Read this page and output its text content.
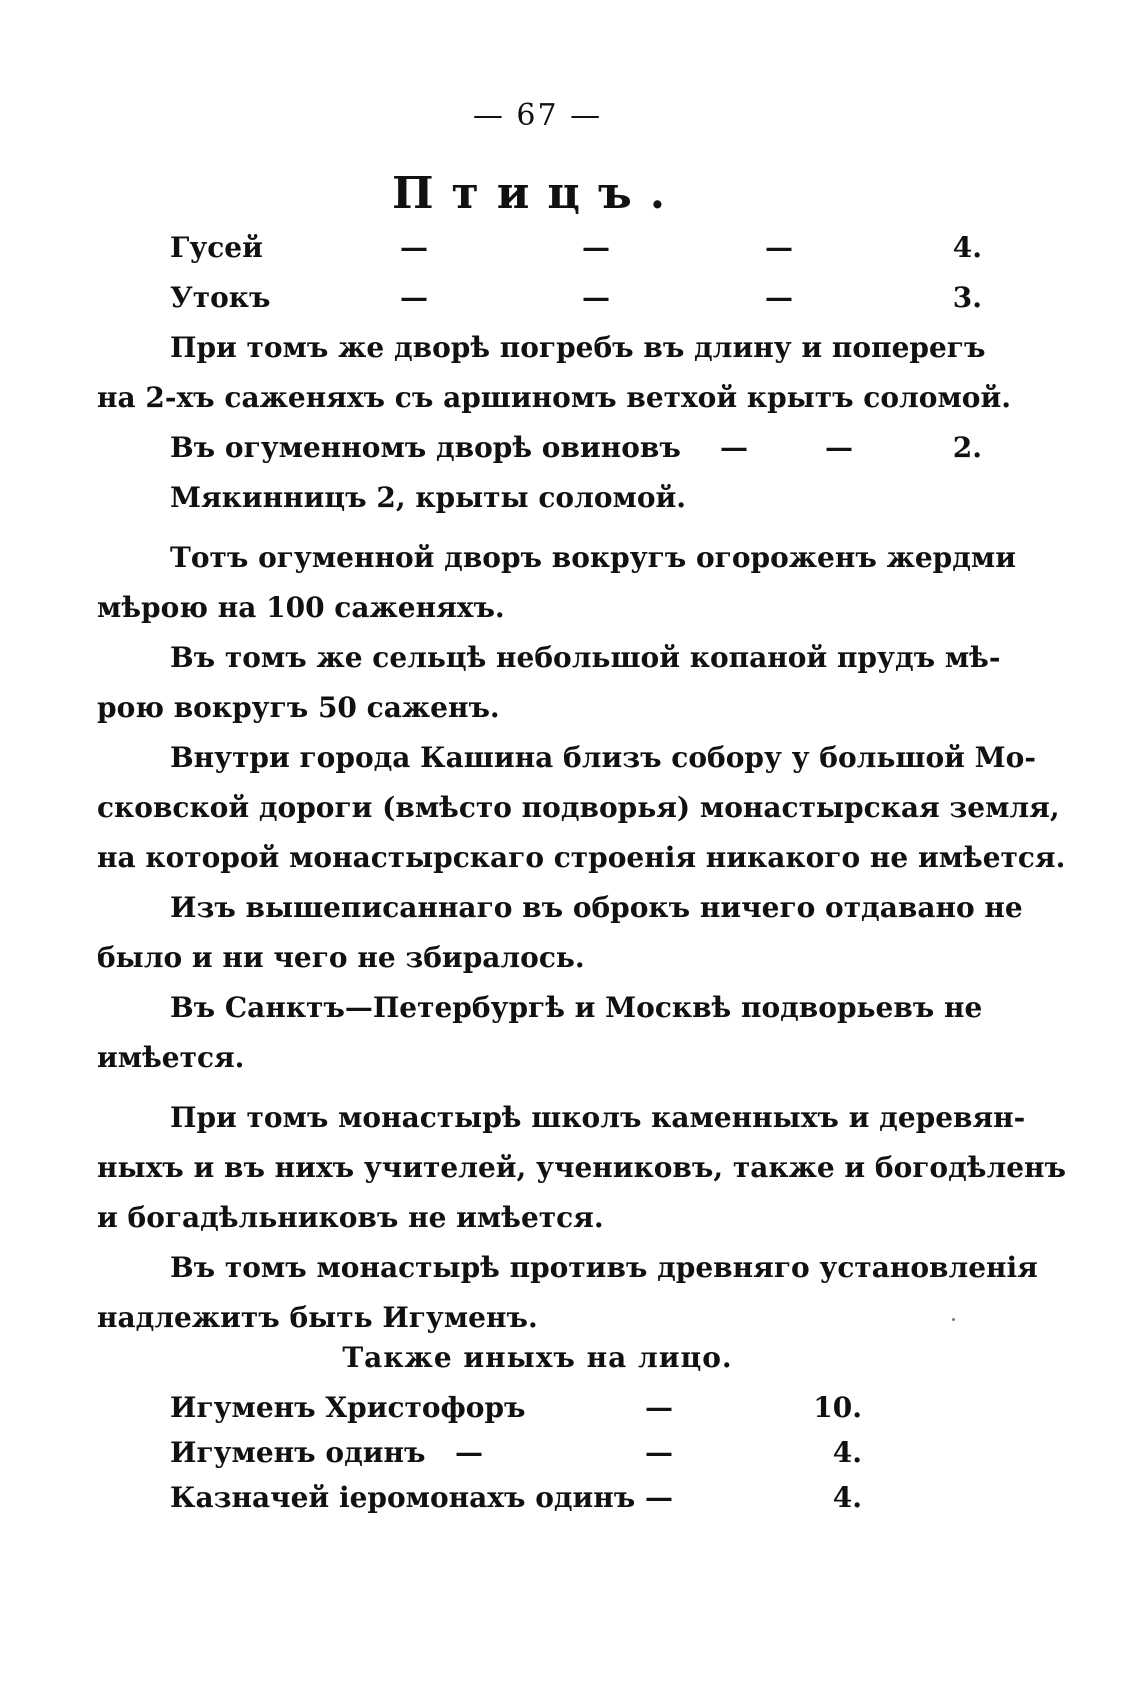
— 67 —
Птицъ.
Гусей	—	—	—	4.
Утокъ	—	—	—	3.
При томъ же дворѣ погребъ въ длину и поперегъ
на 2-хъ саженяхъ съ аршиномъ ветхой крытъ соломой.
Въ огуменномъ дворѣ овиновъ —	—	2.
Мякинницъ 2, крыты соломой.
Тотъ огуменной дворъ вокругъ огороженъ жердми
мѣрою на 100 саженяхъ.
Въ томъ же сельцѣ небольшой копаной прудъ мѣ-
рою вокругъ 50 саженъ.
Внутри города Кашина близъ собору у большой Мо-
сковской дороги (вмѣсто подворья) монастырская земля,
на которой монастырскаго строенія никакого не имѣется.
Изъ вышеписаннаго въ оброкъ ничего отдавано не
было и ни чего не збиралось.
Въ Санктъ—Петербургѣ и Москвѣ подворьевъ не
имѣется.
При томъ монастырѣ школъ каменныхъ и деревян-
ныхъ и въ нихъ учителей, учениковъ, также и богодѣленъ
и богадѣльниковъ не имѣется.
Въ томъ монастырѣ противъ древняго установленія
надлежитъ быть Игуменъ.
Также иныхъ на лицо.
Игуменъ Христофоръ	—	10.
Игуменъ одинъ —	—	4.
Казначей іеромонахъ одинъ —	4.
